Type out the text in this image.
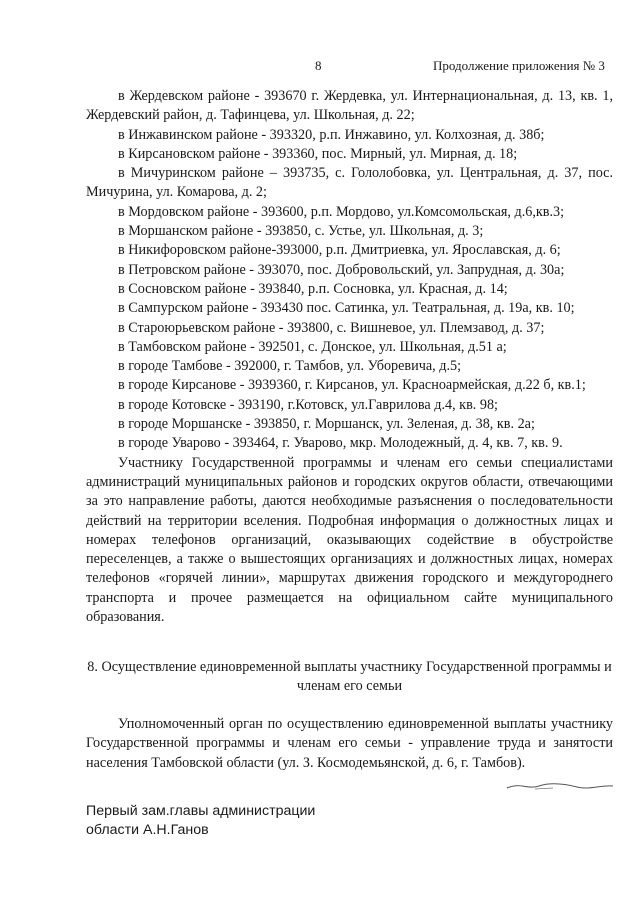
8	Продолжение приложения № 3

в Жердевском районе - 393670 г. Жердевка, ул. Интернациональная, д. 13, кв. 1, Жердевский район, д. Тафинцева, ул. Школьная, д. 22;

в Инжавинском районе - 393320, р.п. Инжавино, ул. Колхозная, д. 38б;

в Кирсановском районе - 393360, пос. Мирный, ул. Мирная, д. 18;

в Мичуринском районе – 393735, с. Гололобовка, ул. Центральная, д. 37, пос. Мичурина, ул. Комарова, д. 2;

в Мордовском районе - 393600, р.п. Мордово, ул.Комсомольская, д.6,кв.3;

в Моршанском районе - 393850, с. Устье, ул. Школьная, д. 3;

в Никифоровском районе-393000, р.п. Дмитриевка, ул. Ярославская, д. 6;

в Петровском районе - 393070, пос. Добровольский, ул. Запрудная, д. 30а;

в Сосновском районе - 393840, р.п. Сосновка, ул. Красная, д. 14;

в Сампурском районе - 393430 пос. Сатинка, ул. Театральная, д. 19а, кв. 10;

в Староюрьевском районе - 393800, с. Вишневое, ул. Племзавод, д. 37;

в Тамбовском районе - 392501, с. Донское, ул. Школьная, д.51 а;

в городе Тамбове - 392000, г. Тамбов, ул. Уборевича, д.5;

в городе Кирсанове - 3939360, г. Кирсанов, ул. Красноармейская, д.22 б, кв.1;

в городе Котовске - 393190, г.Котовск, ул.Гаврилова д.4, кв. 98;

в городе Моршанске - 393850, г. Моршанск, ул. Зеленая, д. 38, кв. 2а;

в городе Уварово - 393464, г. Уварово, мкр. Молодежный, д. 4, кв. 7, кв. 9.

Участнику Государственной программы и членам его семьи специалистами администраций муниципальных районов и городских округов области, отвечающими за это направление работы, даются необходимые разъяснения о последовательности действий на территории вселения. Подробная информация о должностных лицах и номерах телефонов организаций, оказывающих содействие в обустройстве переселенцев, а также о вышестоящих организациях и должностных лицах, номерах телефонов «горячей линии», маршрутах движения городского и междугороднего транспорта и прочее размещается на официальном сайте муниципального образования.

8. Осуществление единовременной выплаты участнику Государственной программы и членам его семьи

Уполномоченный орган по осуществлению единовременной выплаты участнику Государственной программы и членам его семьи - управление труда и занятости населения Тамбовской области (ул. З. Космодемьянской, д. 6, г. Тамбов).

Первый зам.главы администрации
области А.Н.Ганов
